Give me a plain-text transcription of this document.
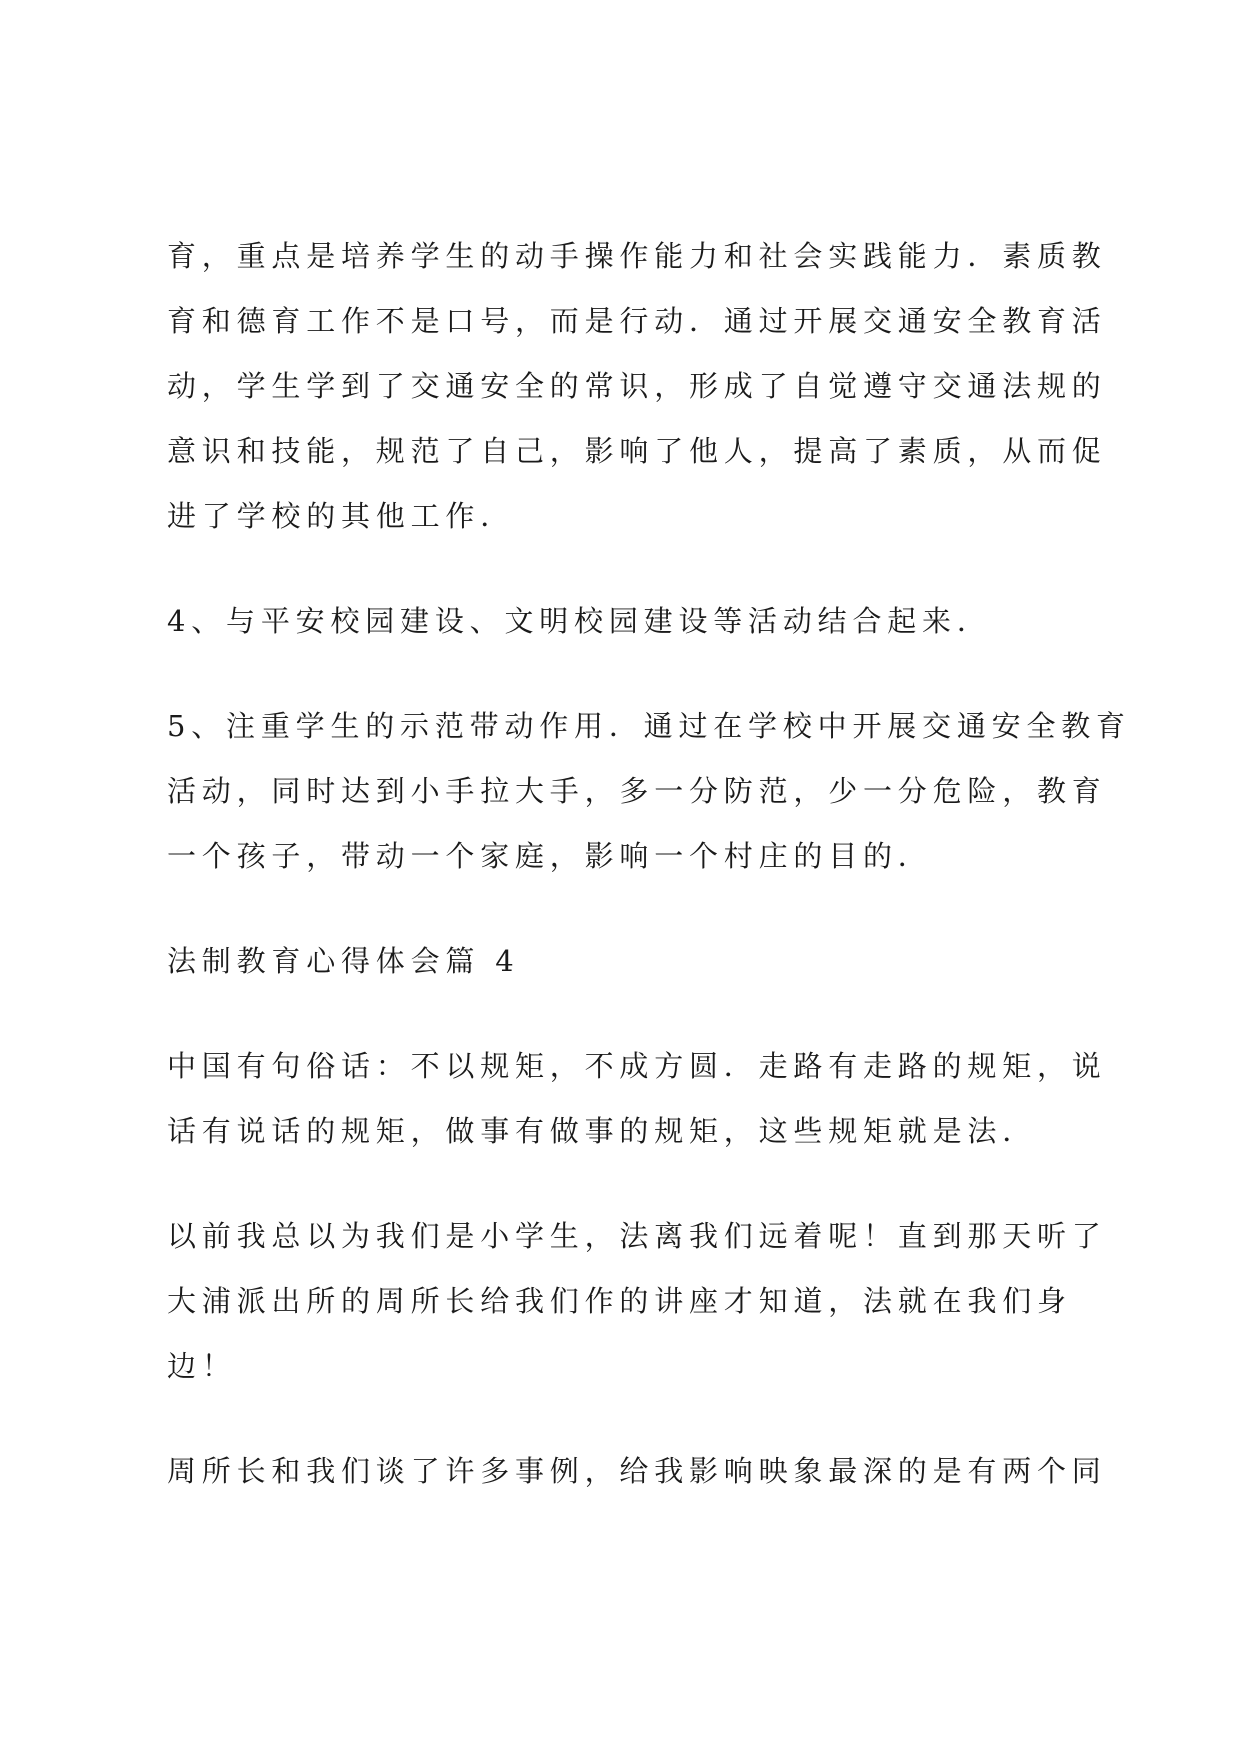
育，重点是培养学生的动手操作能力和社会实践能力．素质教
育和德育工作不是口号，而是行动．通过开展交通安全教育活
动，学生学到了交通安全的常识，形成了自觉遵守交通法规的
意识和技能，规范了自己，影响了他人，提高了素质，从而促
进了学校的其他工作．
4、与平安校园建设、文明校园建设等活动结合起来．
5、注重学生的示范带动作用．通过在学校中开展交通安全教育
活动，同时达到小手拉大手，多一分防范，少一分危险，教育
一个孩子，带动一个家庭，影响一个村庄的目的．
法制教育心得体会篇 4
中国有句俗话：不以规矩，不成方圆．走路有走路的规矩，说
话有说话的规矩，做事有做事的规矩，这些规矩就是法．
以前我总以为我们是小学生，法离我们远着呢！直到那天听了
大浦派出所的周所长给我们作的讲座才知道，法就在我们身
边！
周所长和我们谈了许多事例，给我影响映象最深的是有两个同
